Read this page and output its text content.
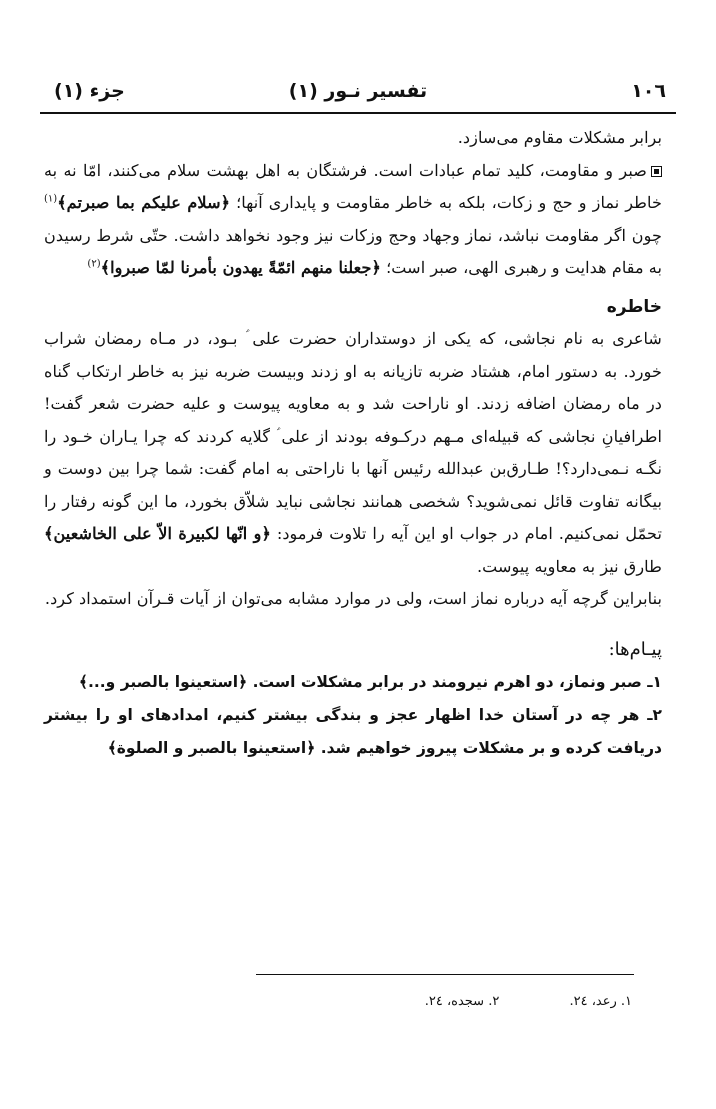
۱۰٦
تفسیر نـور (۱)
جزء (۱)

برابر مشکلات مقاوم می‌سازد.

صبر و مقاومت، کلید تمام عبادات است. فرشتگان به اهل بهشت سلام می‌کنند، امّا نه به خاطر نماز و حج و زکات، بلکه به خاطر مقاومت و پایداری آنها؛ ﴿سلام علیکم بما صبرتم﴾$^{(۱)}$ چون اگر مقاومت نباشد، نماز وجهاد وحج وزکات نیز وجود نخواهد داشت. حتّی شرط رسیدن به مقام هدایت و رهبری الهی، صبر است؛ ﴿جعلنا منهم ائمّةً یهدون بأمرنا لمّا صبروا﴾$^{(۲)}$

خاطره

شاعری به نام نجاشی، که یکی از دوستداران حضرت علی ؑ بـود، در مـاه رمضان شراب خورد. به دستور امام، هشتاد ضربه تازیانه به او زدند وبیست ضربه نیز به خاطر ارتکاب گناه در ماه رمضان اضافه زدند. او ناراحت شد و به معاویه پیوست و علیه حضرت شعر گفت! اطرافیانِ نجاشی که قبیله‌ای مـهم درکـوفه بودند از علی ؑ گلایه کردند که چرا یـاران خـود را نگـه نـمی‌دارد؟! طـارق‌بن عبدالله رئیس آنها با ناراحتی به امام گفت: شما چرا بین دوست و بیگانه تفاوت قائل نمی‌شوید؟ شخصی همانند نجاشی نباید شلاّق بخورد، ما این گونه رفتار را تحمّل نمی‌کنیم. امام در جواب او این آیه را تلاوت فرمود: ﴿و انّها لکبیرة الاّ علی الخاشعین﴾ طارق نیز به معاویه پیوست.

بنابراین گرچه آیه درباره نماز است، ولی در موارد مشابه می‌توان از آیات قـرآن استمداد کرد.

پیـام‌ها:

۱ـ صبر ونماز، دو اهرم نیرومند در برابر مشکلات است. ﴿استعینوا بالصبر و...﴾

۲ـ هر چه در آستان خدا اظهار عجز و بندگی بیشتر کنیم، امدادهای او را بیشتر دریافت کرده و بر مشکلات پیروز خواهیم شد. ﴿استعینوا بالصبر و الصلوة﴾

۱. رعد، ۲٤. ۲. سجده، ۲٤.
